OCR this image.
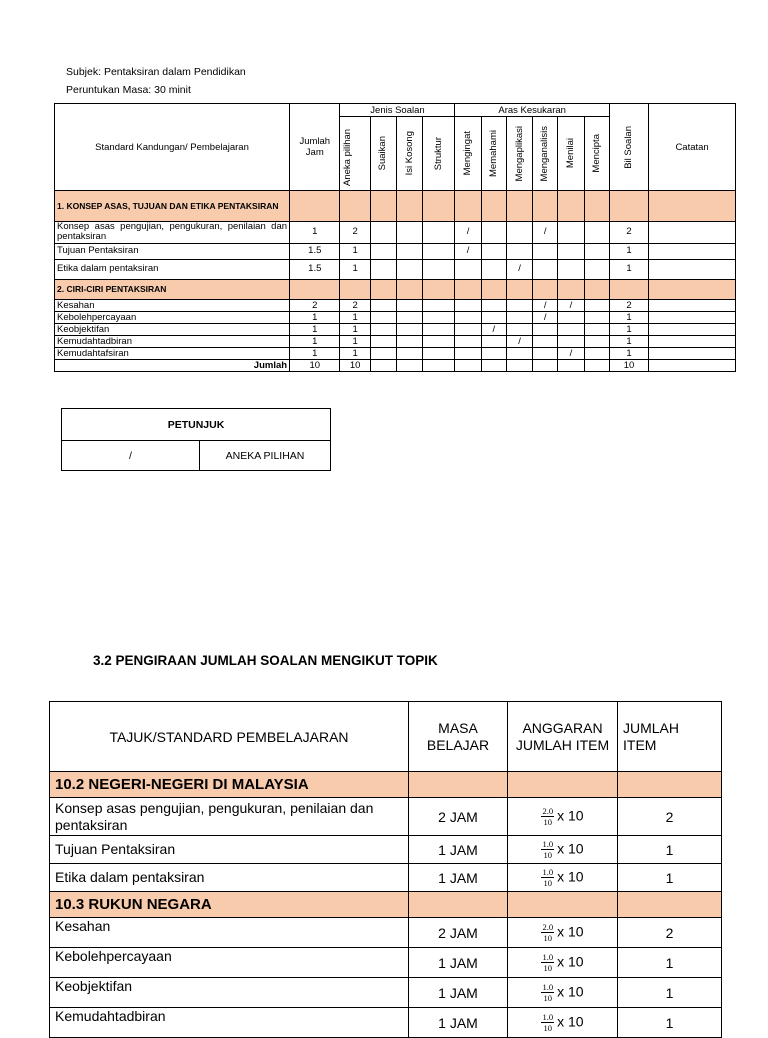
Subjek: Pentaksiran dalam Pendidikan
Peruntukan Masa: 30 minit
Standard Kandungan/ Pembelajaran	Jumlah Jam	Jenis Soalan				Aras Kesukaran						Bil Soalan	Catatan

		Aneka pilihan	Suaikan	Isi Kosong	Struktur	Mengingat	Memahami	Mengaplikasi	Menganalisis	Menilai	Mencipta		

1. KONSEP ASAS, TUJUAN DAN ETIKA PENTAKSIRAN													
Konsep asas pengujian, pengukuran, penilaian dan pentaksiran	1	2				/			/			2	
Tujuan Pentaksiran	1.5	1				/						1	
Etika dalam pentaksiran	1.5	1						/				1	
2. CIRI-CIRI PENTAKSIRAN													
Kesahan	2	2							/	/		2	
Kebolehpercayaan	1	1							/			1	
Keobjektifan	1	1					/					1	
Kemudahtadbiran	1	1						/				1	
Kemudahtafsiran	1	1								/		1	
Jumlah	10	10										10	
PETUNJUK
/	ANEKA PILIHAN
3.2 PENGIRAAN JUMLAH SOALAN MENGIKUT TOPIK
TAJUK/STANDARD PEMBELAJARAN	MASA BELAJAR	ANGGARAN JUMLAH ITEM	JUMLAH ITEM
10.2 NEGERI-NEGERI DI MALAYSIA			
Konsep asas pengujian, pengukuran, penilaian dan pentaksiran	2 JAM	$\frac{2.0}{10}$ x 10	2
Tujuan Pentaksiran	1 JAM	$\frac{1.0}{10}$ x 10	1
Etika dalam pentaksiran	1 JAM	$\frac{1.0}{10}$ x 10	1
10.3 RUKUN NEGARA			
Kesahan	2 JAM	$\frac{2.0}{10}$ x 10	2
Kebolehpercayaan	1 JAM	$\frac{1.0}{10}$ x 10	1
Keobjektifan	1 JAM	$\frac{1.0}{10}$ x 10	1
Kemudahtadbiran	1 JAM	$\frac{1.0}{10}$ x 10	1
